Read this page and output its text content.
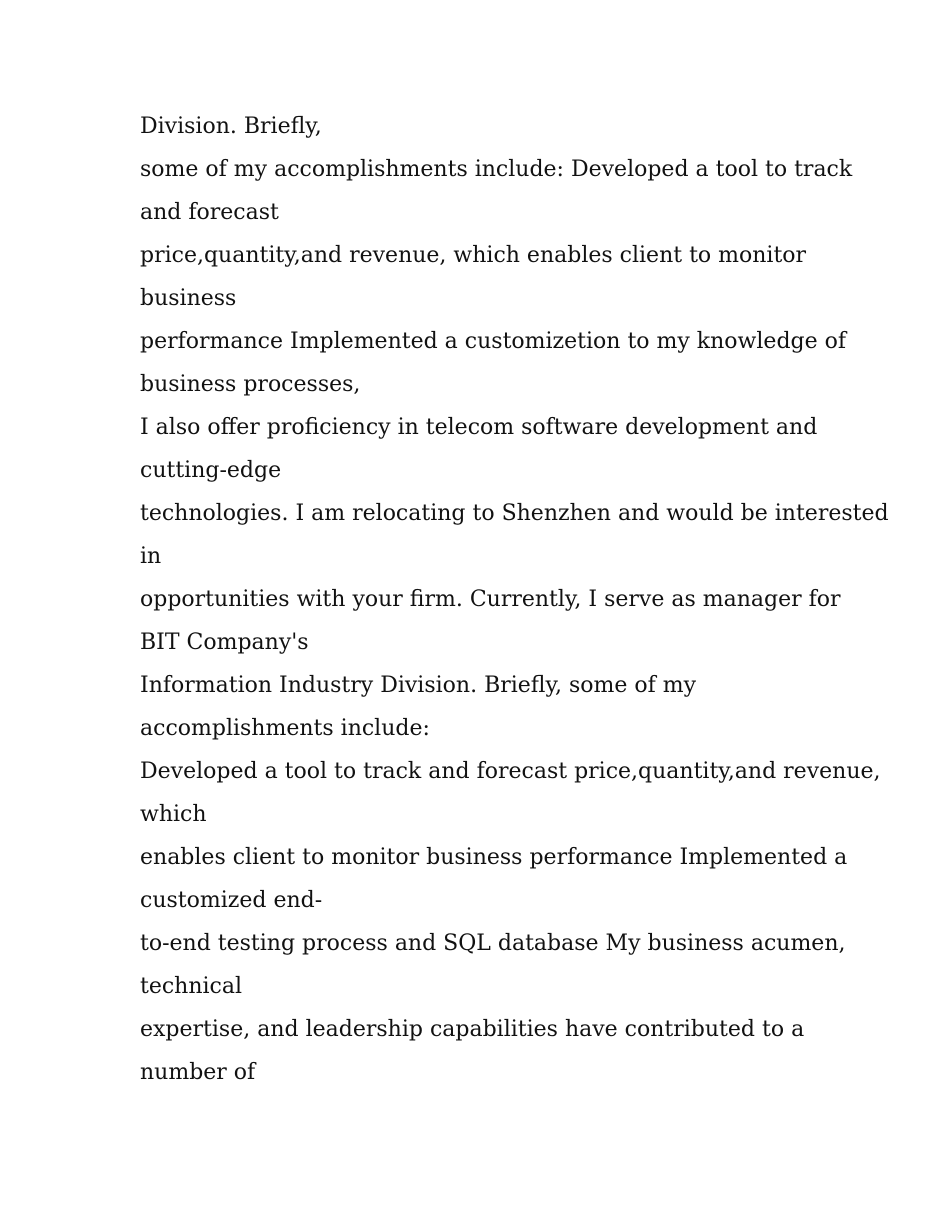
Division. Briefly,
some of my accomplishments include: Developed a tool to track
and forecast
price,quantity,and revenue, which enables client to monitor
business
performance Implemented a customizetion to my knowledge of
business processes,
I also offer proficiency in telecom software development and
cutting-edge
technologies. I am relocating to Shenzhen and would be interested
in
opportunities with your firm. Currently, I serve as manager for
BIT Company's
Information Industry Division. Briefly, some of my
accomplishments include:
Developed a tool to track and forecast price,quantity,and revenue,
which
enables client to monitor business performance Implemented a
customized end-
to-end testing process and SQL database My business acumen,
technical
expertise, and leadership capabilities have contributed to a
number of
